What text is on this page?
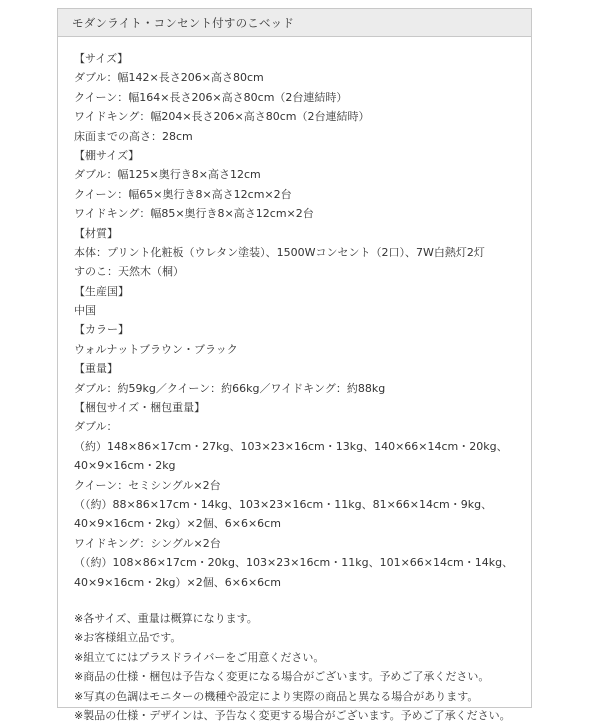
モダンライト・コンセント付すのこベッド
【サイズ】
ダブル：幅142×長さ206×高さ80cm
クイーン：幅164×長さ206×高さ80cm（2台連結時）
ワイドキング：幅204×長さ206×高さ80cm（2台連結時）
床面までの高さ：28cm
【棚サイズ】
ダブル：幅125×奥行き8×高さ12cm
クイーン：幅65×奥行き8×高さ12cm×2台
ワイドキング：幅85×奥行き8×高さ12cm×2台
【材質】
本体：プリント化粧板（ウレタン塗装）、1500Wコンセント（2口）、7W白熱灯2灯
すのこ：天然木（桐）
【生産国】
中国
【カラー】
ウォルナットブラウン・ブラック
【重量】
ダブル：約59kg／クイーン：約66kg／ワイドキング：約88kg
【梱包サイズ・梱包重量】
ダブル：
（約）148×86×17cm・27kg、103×23×16cm・13kg、140×66×14cm・20kg、
40×9×16cm・2kg
クイーン：セミシングル×2台
（（約）88×86×17cm・14kg、103×23×16cm・11kg、81×66×14cm・9kg、
40×9×16cm・2kg）×2個、6×6×6cm
ワイドキング：シングル×2台
（（約）108×86×17cm・20kg、103×23×16cm・11kg、101×66×14cm・14kg、
40×9×16cm・2kg）×2個、6×6×6cm
※各サイズ、重量は概算になります。
※お客様組立品です。
※組立てにはプラスドライバーをご用意ください。
※商品の仕様・梱包は予告なく変更になる場合がございます。予めご了承ください。
※写真の色調はモニターの機種や設定により実際の商品と異なる場合があります。
※製品の仕様・デザインは、予告なく変更する場合がございます。予めご了承ください。
